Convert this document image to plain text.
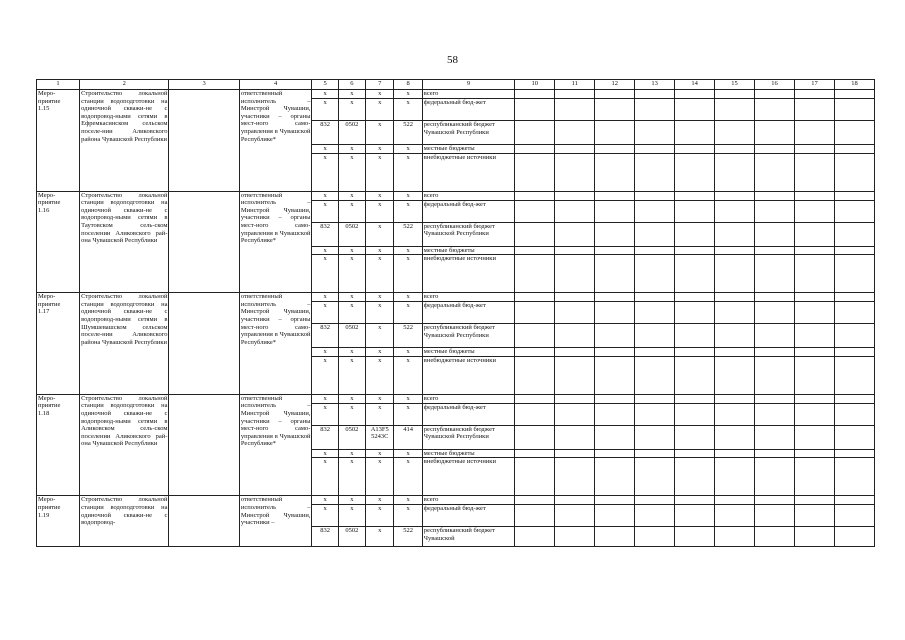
58
1	2	3	4	5	6	7	8	9	10	11	12	13	14	15	16	17	18
Меро-
приятие
1.15	Строительство локальной станции водоподготовки на одиночной скважи-не с водопровод-ными сетями в Ефремкасинском сельском поселе-нии Аликовского района Чувашской Республики		ответственный исполнитель – Минстрой Чувашии, участники – органы мест-ного само-управления в Чувашской Республике*	x	x	x	x	всего									
				x	x	x	x	федеральный бюд-жет									
				832	0502	x	522	республиканский бюджет Чувашской Республики									
				x	x	x	x	местные бюджеты									
				x	x	x	x	внебюджетные источники									
Меро-
приятие
1.16	Строительство локальной станции водоподготовки на одиночной скважи-не с водопровод-ными сетями в Таутовском сель-ском поселении Аликовского рай-она Чувашской Республики		ответственный исполнитель – Минстрой Чувашии, участники – органы мест-ного само-управления в Чувашской Республике*	x	x	x	x	всего									
				x	x	x	x	федеральный бюд-жет									
				832	0502	x	522	республиканский бюджет Чувашской Республики									
				x	x	x	x	местные бюджеты									
				x	x	x	x	внебюджетные источники									
Меро-
приятие
1.17	Строительство локальной станции водоподготовки на одиночной скважи-не с водопровод-ными сетями в Шумшевашском сельском поселе-нии Аликовского района Чувашской Республики		ответственный исполнитель – Минстрой Чувашии, участники – органы мест-ного само-управления в Чувашской Республике*	x	x	x	x	всего									
				x	x	x	x	федеральный бюд-жет									
				832	0502	x	522	республиканский бюджет Чувашской Республики									
				x	x	x	x	местные бюджеты									
				x	x	x	x	внебюджетные источники									
Меро-
приятие
1.18	Строительство локальной станции водоподготовки на одиночной скважи-не с водопровод-ными сетями в Аликовском сель-ском поселении Аликовского рай-она Чувашской Республики		ответственный исполнитель – Минстрой Чувашии, участники – органы мест-ного само-управления в Чувашской Республике*	x	x	x	x	всего									
				x	x	x	x	федеральный бюд-жет									
				832	0502	A13F5 5243C	414	республиканский бюджет Чувашской Республики									
				x	x	x	x	местные бюджеты									
				x	x	x	x	внебюджетные источники									
Меро-
приятие
1.19	Строительство локальной станции водоподготовки на одиночной скважи-не с водопровод-		ответственный исполнитель – Минстрой Чувашии, участники –	x	x	x	x	всего									
				x	x	x	x	федеральный бюд-жет									
				832	0502	x	522	республиканский бюджет Чувашской									
